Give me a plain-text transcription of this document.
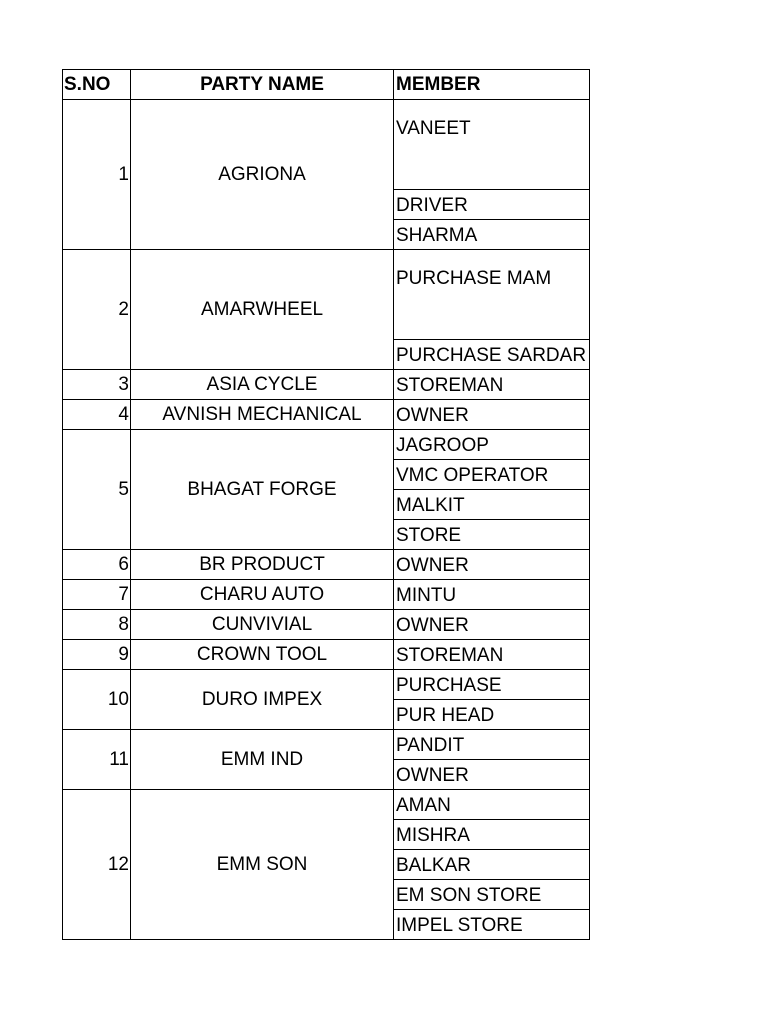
S.NO	PARTY NAME	MEMBER
1	AGRIONA	VANEET
		DRIVER
		SHARMA
2	AMARWHEEL	PURCHASE MAM
		PURCHASE SARDAR
3	ASIA CYCLE	STOREMAN
4	AVNISH MECHANICAL	OWNER
5	BHAGAT FORGE	JAGROOP
		VMC OPERATOR
		MALKIT
		STORE
6	BR PRODUCT	OWNER
7	CHARU AUTO	MINTU
8	CUNVIVIAL	OWNER
9	CROWN TOOL	STOREMAN
10	DURO IMPEX	PURCHASE
		PUR HEAD
11	EMM IND	PANDIT
		OWNER
12	EMM SON	AMAN
		MISHRA
		BALKAR
		EM SON STORE
		IMPEL STORE
